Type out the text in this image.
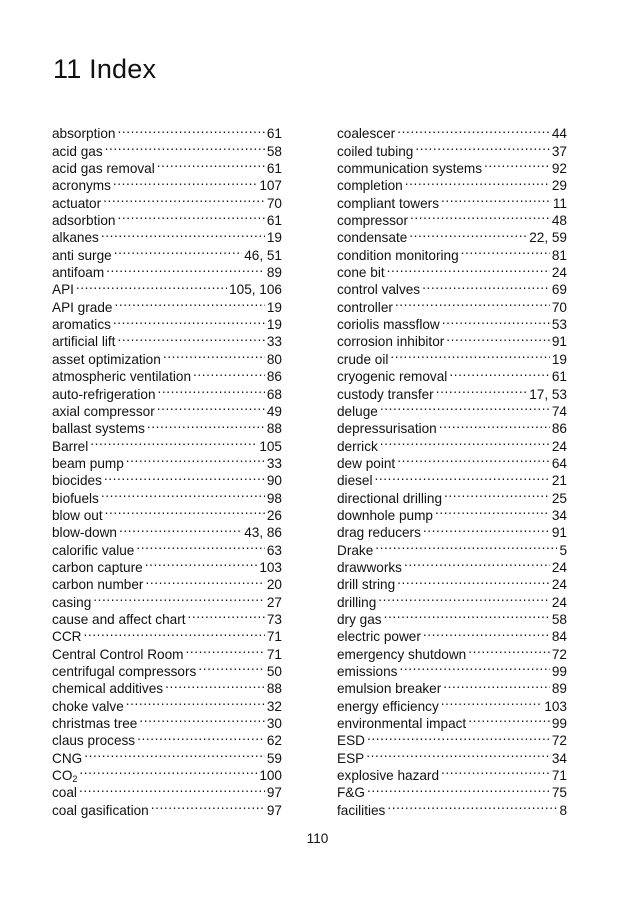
11 Index
absorption .....	61
acid gas .....	58
acid gas removal .....	61
acronyms .....	107
actuator .....	70
adsorbtion .....	61
alkanes .....	19
anti surge .....	46, 51
antifoam .....	89
API .....	105, 106
API grade .....	19
aromatics .....	19
artificial lift .....	33
asset optimization .....	80
atmospheric ventilation .....	86
auto-refrigeration .....	68
axial compressor .....	49
ballast systems .....	88
Barrel .....	105
beam pump .....	33
biocides .....	90
biofuels .....	98
blow out .....	26
blow-down .....	43, 86
calorific value .....	63
carbon capture .....	103
carbon number .....	20
casing .....	27
cause and affect chart .....	73
CCR .....	71
Central Control Room .....	71
centrifugal compressors .....	50
chemical additives .....	88
choke valve .....	32
christmas tree .....	30
claus process .....	62
CNG .....	59
$CO_2$ .....	100
coal .....	97
coal gasification .....	97
coalescer .....	44
coiled tubing .....	37
communication systems .....	92
completion .....	29
compliant towers .....	11
compressor .....	48
condensate .....	22, 59
condition monitoring .....	81
cone bit .....	24
control valves .....	69
controller .....	70
coriolis massflow .....	53
corrosion inhibitor .....	91
crude oil .....	19
cryogenic removal .....	61
custody transfer .....	17, 53
deluge .....	74
depressurisation .....	86
derrick .....	24
dew point .....	64
diesel .....	21
directional drilling .....	25
downhole pump .....	34
drag reducers .....	91
Drake .....	5
drawworks .....	24
drill string .....	24
drilling .....	24
dry gas .....	58
electric power .....	84
emergency shutdown .....	72
emissions .....	99
emulsion breaker .....	89
energy efficiency .....	103
environmental impact .....	99
ESD .....	72
ESP .....	34
explosive hazard .....	71
F&G .....	75
facilities .....	8
110
